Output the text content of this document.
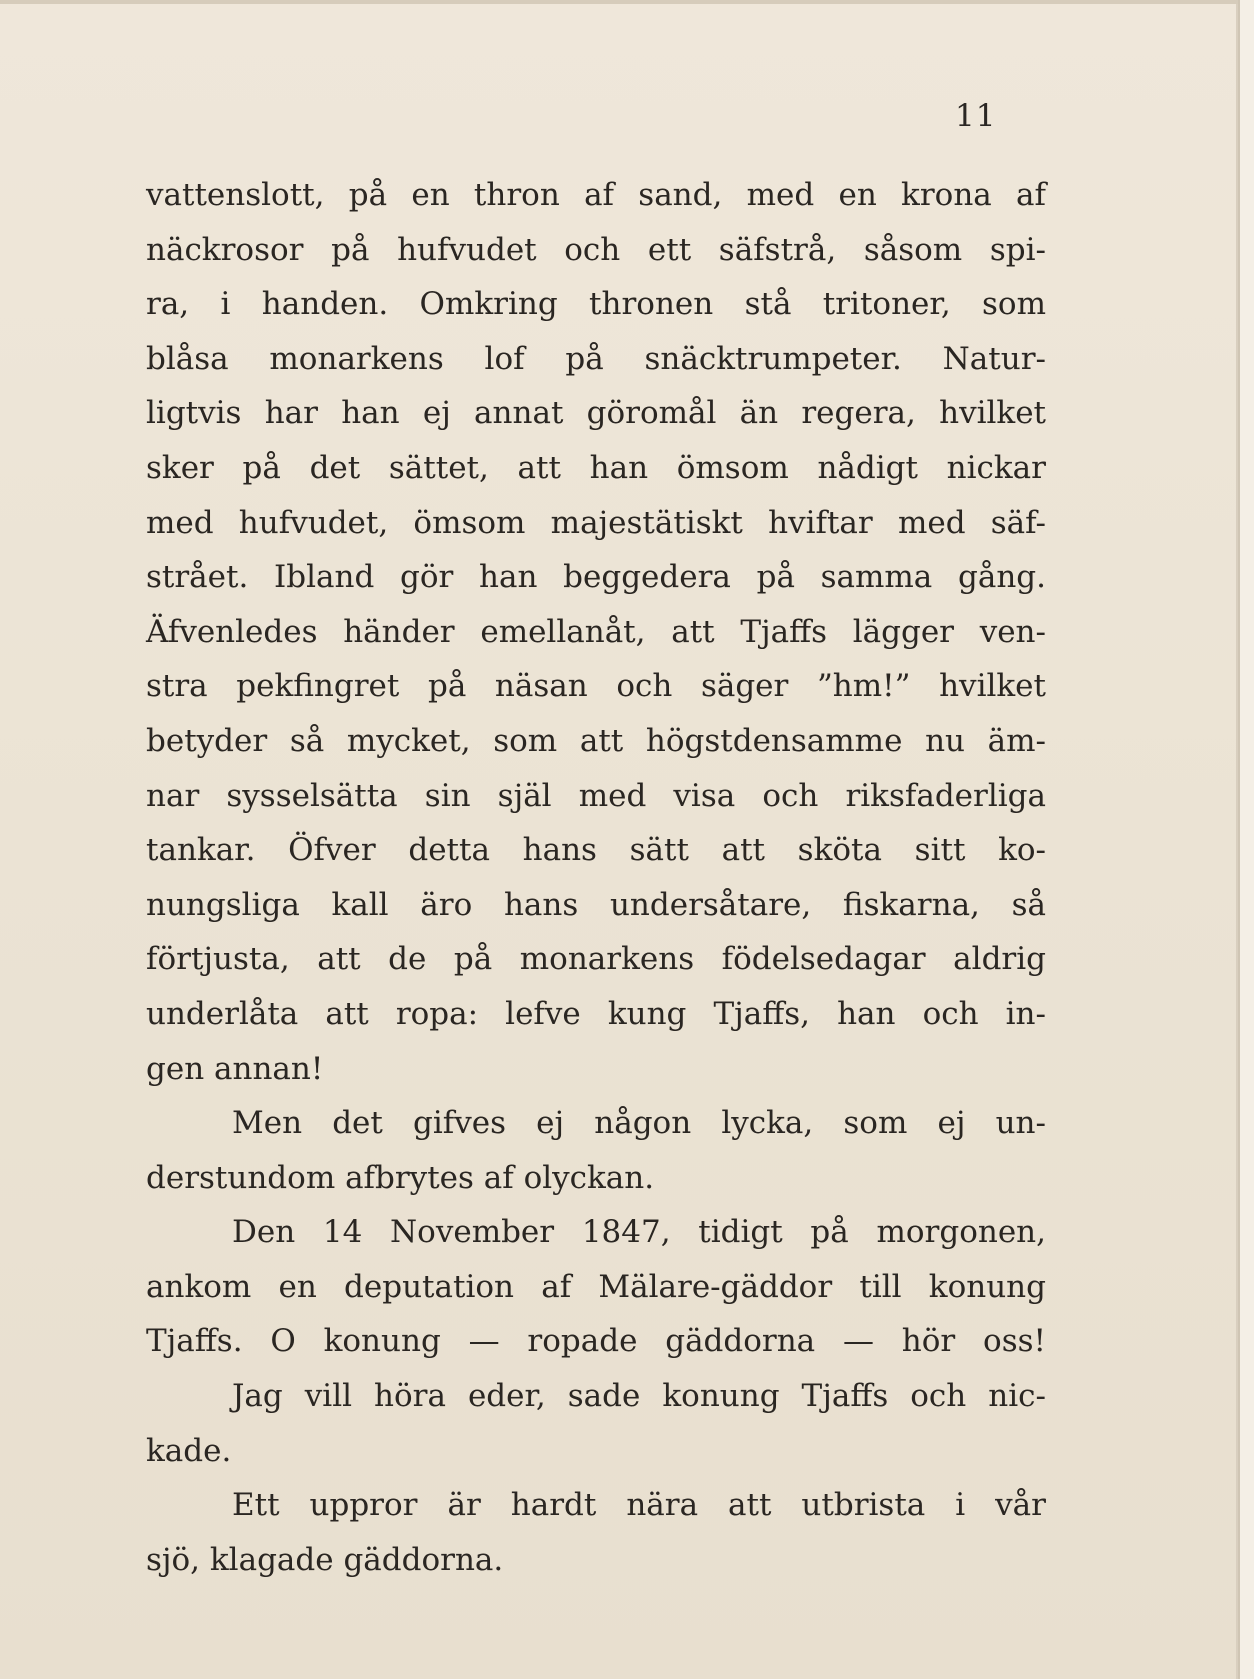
11
vattenslott, på en thron af sand, med en krona af
näckrosor på hufvudet och ett säfstrå, såsom spi-
ra, i handen. Omkring thronen stå tritoner, som
blåsa monarkens lof på snäcktrumpeter. Natur-
ligtvis har han ej annat göromål än regera, hvilket
sker på det sättet, att han ömsom nådigt nickar
med hufvudet, ömsom majestätiskt hviftar med säf-
strået. Ibland gör han beggedera på samma gång.
Äfvenledes händer emellanåt, att Tjaffs lägger ven-
stra pekfingret på näsan och säger ”hm!” hvilket
betyder så mycket, som att högstdensamme nu äm-
nar sysselsätta sin själ med visa och riksfaderliga
tankar. Öfver detta hans sätt att sköta sitt ko-
nungsliga kall äro hans undersåtare, fiskarna, så
förtjusta, att de på monarkens födelsedagar aldrig
underlåta att ropa: lefve kung Tjaffs, han och in-
gen annan!
Men det gifves ej någon lycka, som ej un-
derstundom afbrytes af olyckan.
Den 14 November 1847, tidigt på morgonen,
ankom en deputation af Mälare-gäddor till konung
Tjaffs. O konung — ropade gäddorna — hör oss!
Jag vill höra eder, sade konung Tjaffs och nic-
kade.
Ett uppror är hardt nära att utbrista i vår
sjö, klagade gäddorna.
